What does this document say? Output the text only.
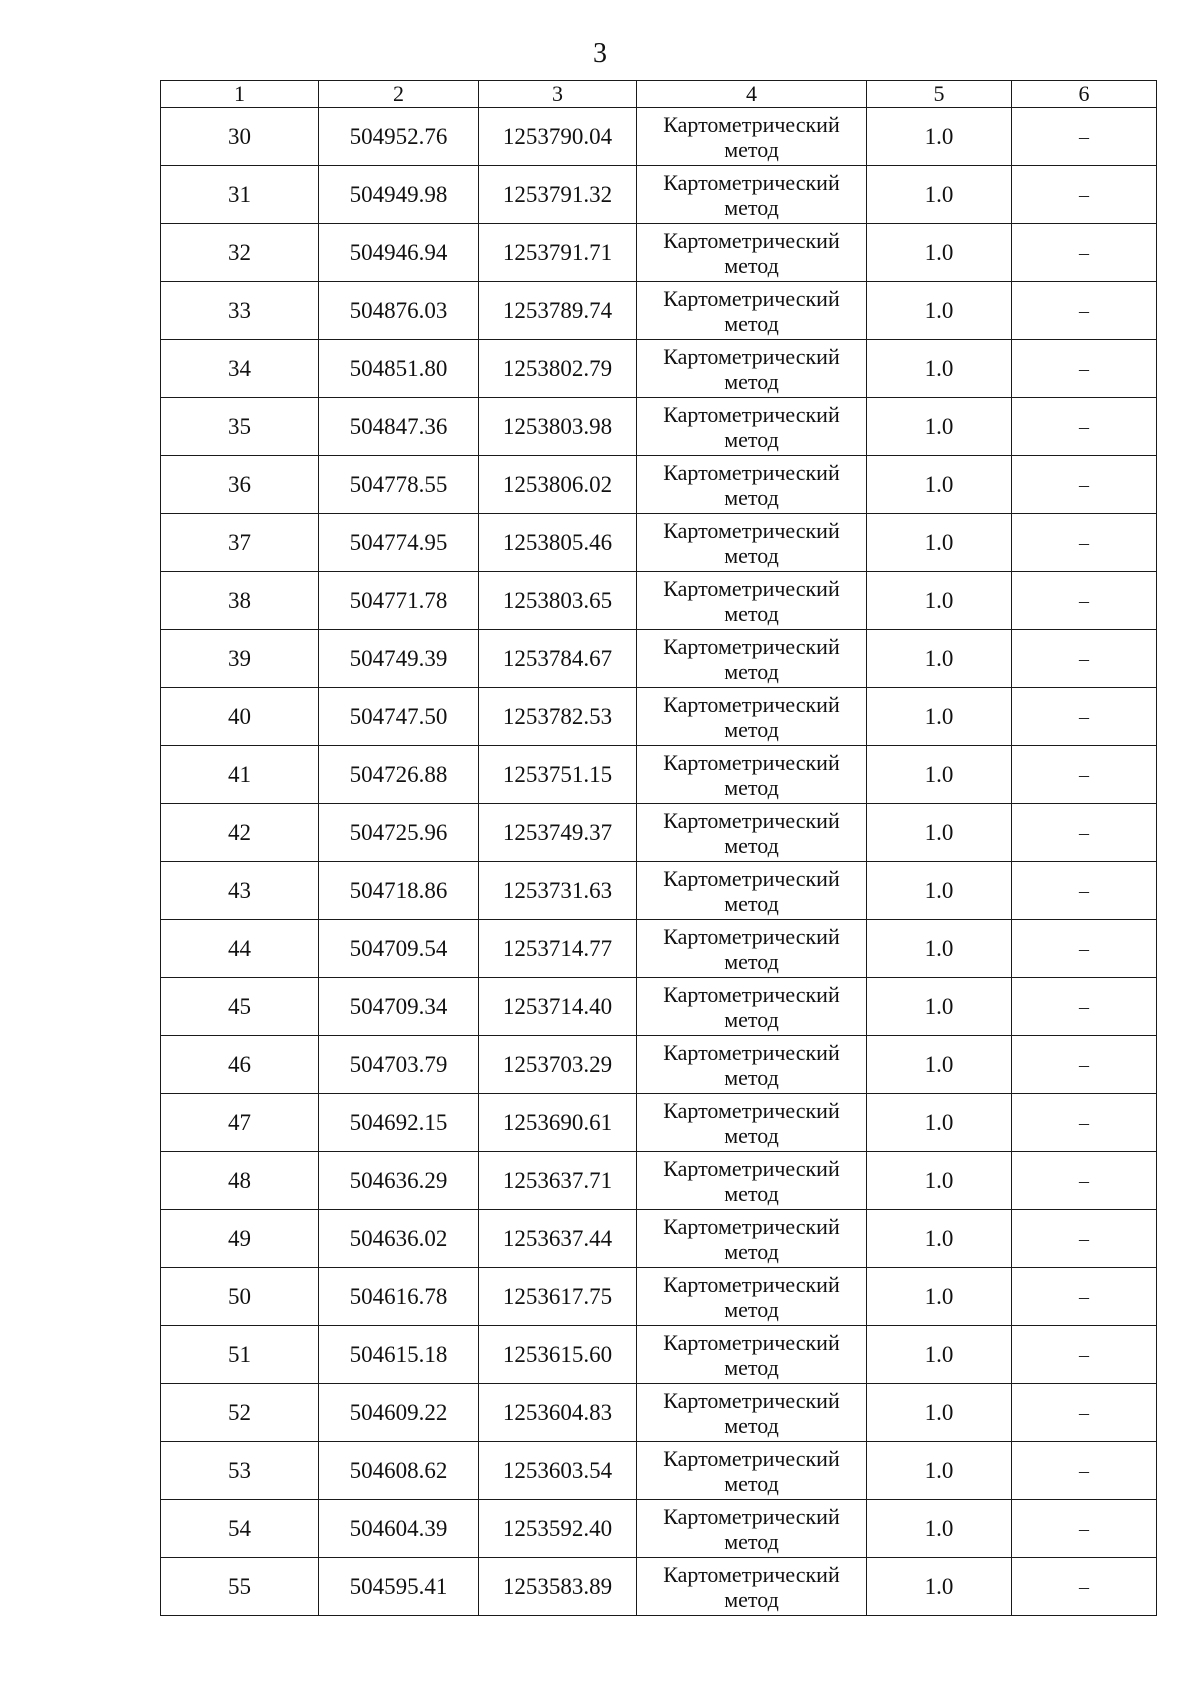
3
1	2	3	4	5	6
30	504952.76	1253790.04	Картометрический метод	1.0	–
31	504949.98	1253791.32	Картометрический метод	1.0	–
32	504946.94	1253791.71	Картометрический метод	1.0	–
33	504876.03	1253789.74	Картометрический метод	1.0	–
34	504851.80	1253802.79	Картометрический метод	1.0	–
35	504847.36	1253803.98	Картометрический метод	1.0	–
36	504778.55	1253806.02	Картометрический метод	1.0	–
37	504774.95	1253805.46	Картометрический метод	1.0	–
38	504771.78	1253803.65	Картометрический метод	1.0	–
39	504749.39	1253784.67	Картометрический метод	1.0	–
40	504747.50	1253782.53	Картометрический метод	1.0	–
41	504726.88	1253751.15	Картометрический метод	1.0	–
42	504725.96	1253749.37	Картометрический метод	1.0	–
43	504718.86	1253731.63	Картометрический метод	1.0	–
44	504709.54	1253714.77	Картометрический метод	1.0	–
45	504709.34	1253714.40	Картометрический метод	1.0	–
46	504703.79	1253703.29	Картометрический метод	1.0	–
47	504692.15	1253690.61	Картометрический метод	1.0	–
48	504636.29	1253637.71	Картометрический метод	1.0	–
49	504636.02	1253637.44	Картометрический метод	1.0	–
50	504616.78	1253617.75	Картометрический метод	1.0	–
51	504615.18	1253615.60	Картометрический метод	1.0	–
52	504609.22	1253604.83	Картометрический метод	1.0	–
53	504608.62	1253603.54	Картометрический метод	1.0	–
54	504604.39	1253592.40	Картометрический метод	1.0	–
55	504595.41	1253583.89	Картометрический метод	1.0	–
